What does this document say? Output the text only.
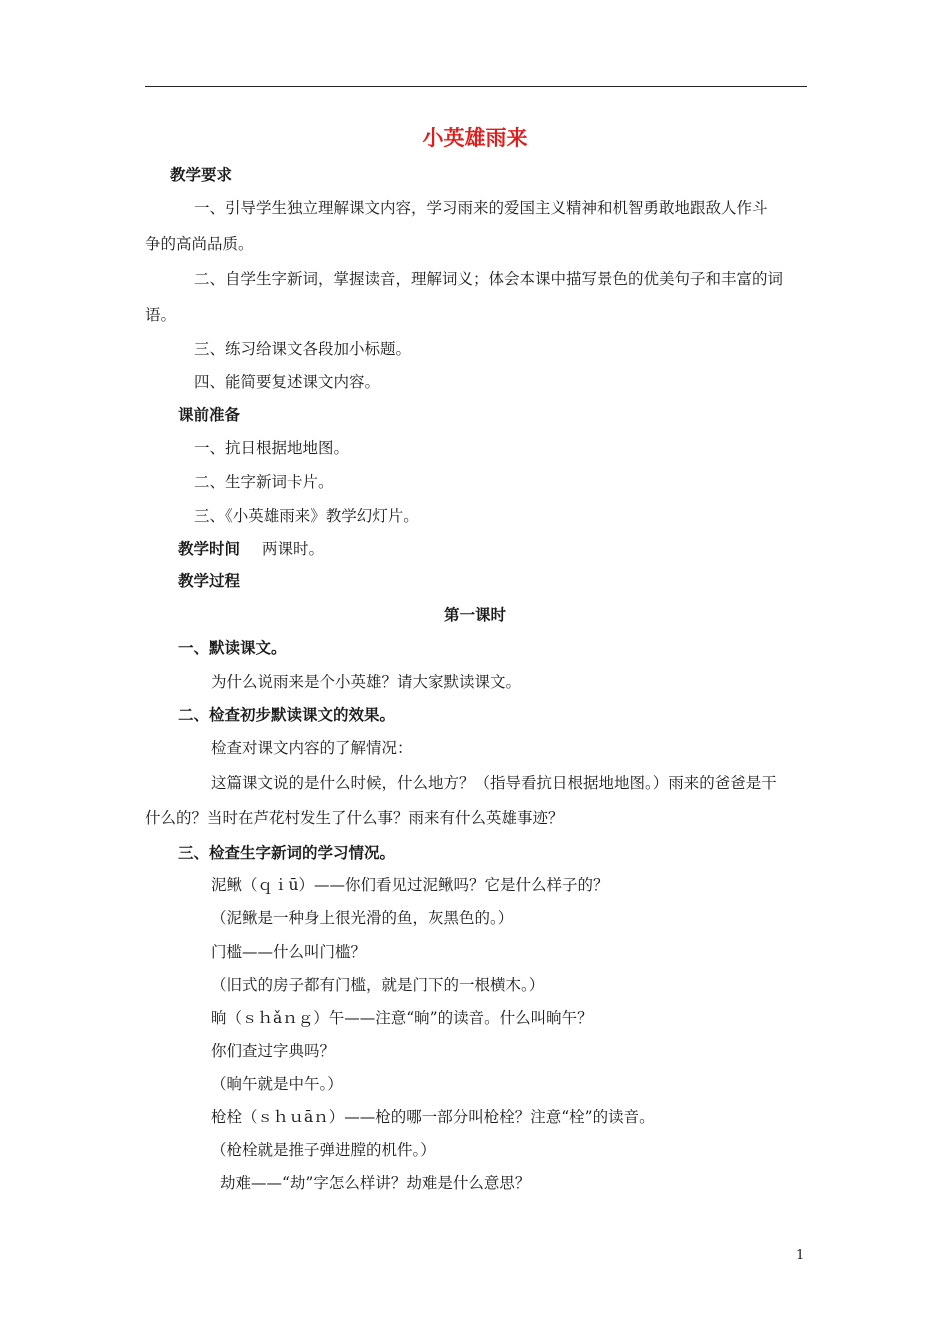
小英雄雨来
教学要求
一、引导学生独立理解课文内容，学习雨来的爱国主义精神和机智勇敢地跟敌人作斗
争的高尚品质。
二、自学生字新词，掌握读音，理解词义；体会本课中描写景色的优美句子和丰富的词
语。
三、练习给课文各段加小标题。
四、能简要复述课文内容。
课前准备
一、抗日根据地地图。
二、生字新词卡片。
三、《小英雄雨来》教学幻灯片。
教学时间 两课时。
教学过程
第一课时
一、默读课文。
为什么说雨来是个小英雄？请大家默读课文。
二、检查初步默读课文的效果。
检查对课文内容的了解情况：
这篇课文说的是什么时候，什么地方？（指导看抗日根据地地图。）雨来的爸爸是干
什么的？当时在芦花村发生了什么事？雨来有什么英雄事迹？
三、检查生字新词的学习情况。
泥鳅（ｑｉū）——你们看见过泥鳅吗？它是什么样子的？
（泥鳅是一种身上很光滑的鱼，灰黑色的。）
门槛——什么叫门槛？
（旧式的房子都有门槛，就是门下的一根横木。）
晌（ｓｈǎｎｇ）午——注意“晌”的读音。什么叫晌午？
你们查过字典吗？
（晌午就是中午。）
枪栓（ｓｈｕāｎ）——枪的哪一部分叫枪栓？注意“栓”的读音。
（枪栓就是推子弹进膛的机件。）
劫难——“劫”字怎么样讲？劫难是什么意思？
1
